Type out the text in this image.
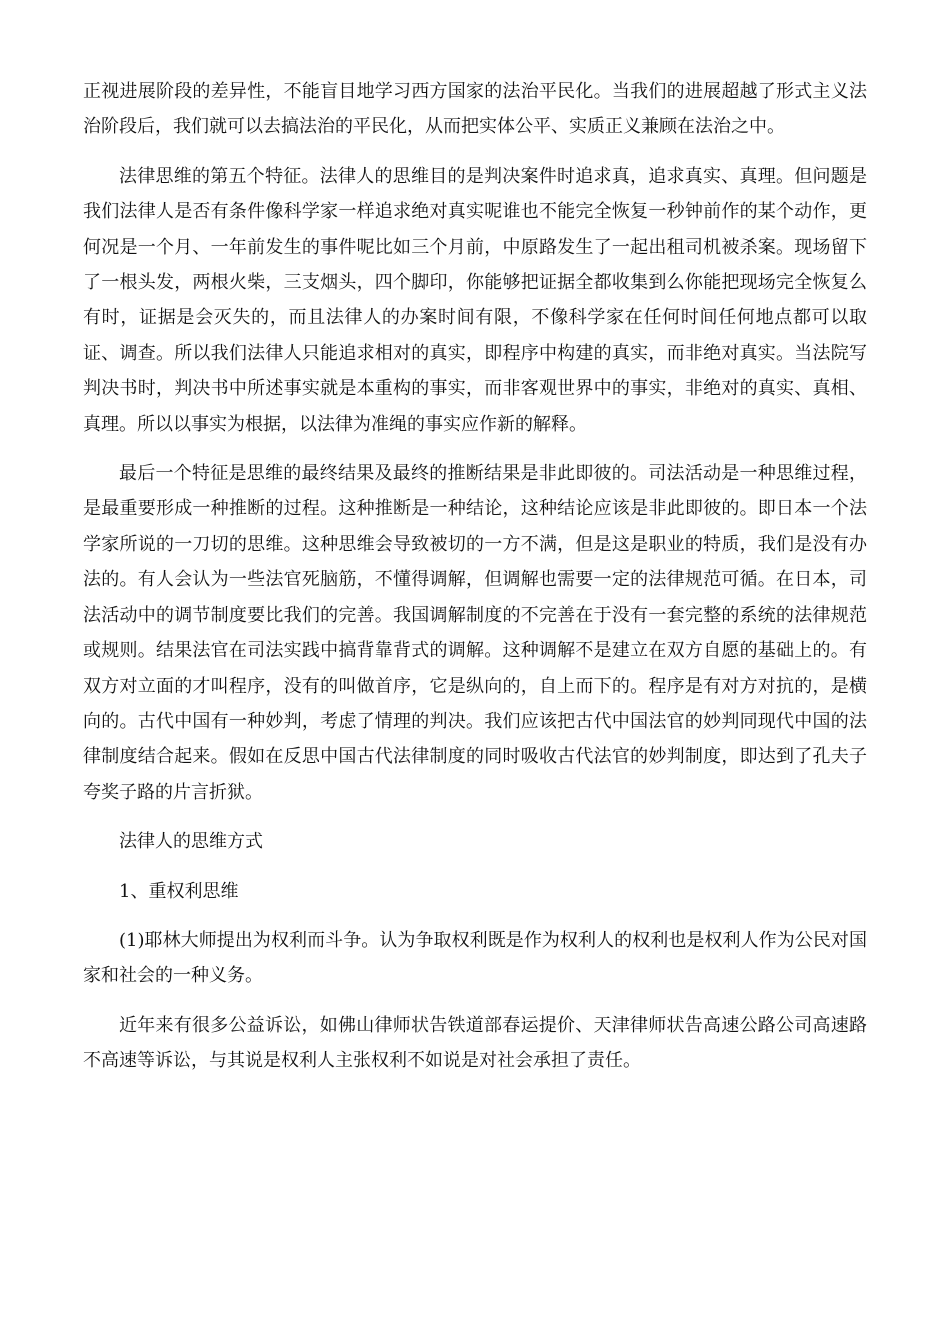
正视进展阶段的差异性，不能盲目地学习西方国家的法治平民化。当我们的进展超越了形式主义法治阶段后，我们就可以去搞法治的平民化，从而把实体公平、实质正义兼顾在法治之中。

法律思维的第五个特征。法律人的思维目的是判决案件时追求真，追求真实、真理。但问题是我们法律人是否有条件像科学家一样追求绝对真实呢谁也不能完全恢复一秒钟前作的某个动作，更何况是一个月、一年前发生的事件呢比如三个月前，中原路发生了一起出租司机被杀案。现场留下了一根头发，两根火柴，三支烟头，四个脚印，你能够把证据全都收集到么你能把现场完全恢复么有时，证据是会灭失的，而且法律人的办案时间有限，不像科学家在任何时间任何地点都可以取证、调查。所以我们法律人只能追求相对的真实，即程序中构建的真实，而非绝对真实。当法院写判决书时，判决书中所述事实就是本重构的事实，而非客观世界中的事实，非绝对的真实、真相、真理。所以以事实为根据，以法律为准绳的事实应作新的解释。

最后一个特征是思维的最终结果及最终的推断结果是非此即彼的。司法活动是一种思维过程，是最重要形成一种推断的过程。这种推断是一种结论，这种结论应该是非此即彼的。即日本一个法学家所说的一刀切的思维。这种思维会导致被切的一方不满，但是这是职业的特质，我们是没有办法的。有人会认为一些法官死脑筋，不懂得调解，但调解也需要一定的法律规范可循。在日本，司法活动中的调节制度要比我们的完善。我国调解制度的不完善在于没有一套完整的系统的法律规范或规则。结果法官在司法实践中搞背靠背式的调解。这种调解不是建立在双方自愿的基础上的。有双方对立面的才叫程序，没有的叫做首序，它是纵向的，自上而下的。程序是有对方对抗的，是横向的。古代中国有一种妙判，考虑了情理的判决。我们应该把古代中国法官的妙判同现代中国的法律制度结合起来。假如在反思中国古代法律制度的同时吸收古代法官的妙判制度，即达到了孔夫子夸奖子路的片言折狱。

法律人的思维方式

1、重权利思维

(1)耶林大师提出为权利而斗争。认为争取权利既是作为权利人的权利也是权利人作为公民对国家和社会的一种义务。

近年来有很多公益诉讼，如佛山律师状告铁道部春运提价、天津律师状告高速公路公司高速路不高速等诉讼，与其说是权利人主张权利不如说是对社会承担了责任。
